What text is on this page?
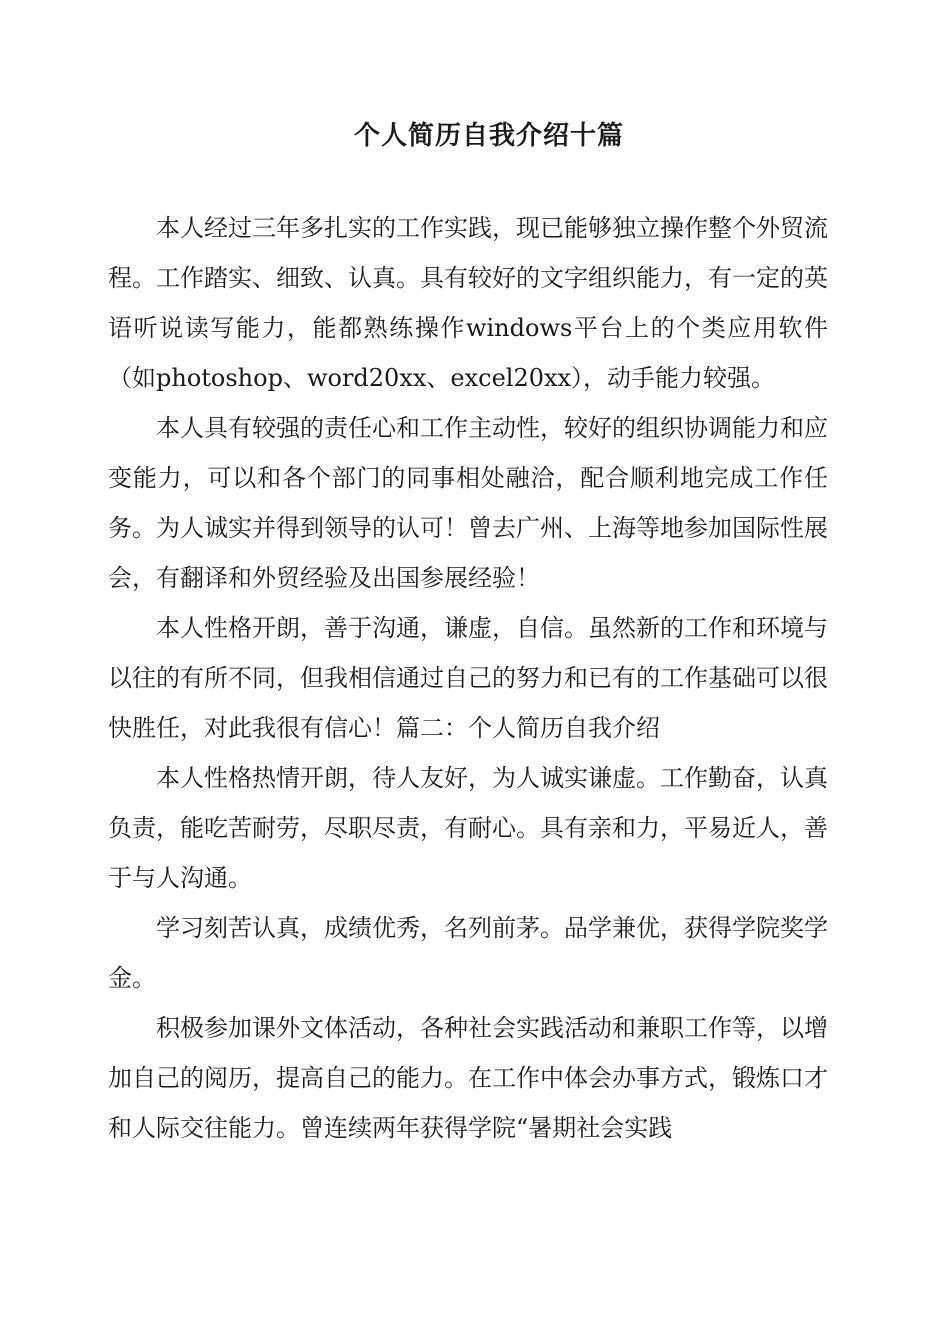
个人简历自我介绍十篇

本人经过三年多扎实的工作实践，现已能够独立操作整个外贸流程。工作踏实、细致、认真。具有较好的文字组织能力，有一定的英语听说读写能力，能都熟练操作windows平台上的个类应用软件（如photoshop、word20xx、excel20xx），动手能力较强。

本人具有较强的责任心和工作主动性，较好的组织协调能力和应变能力，可以和各个部门的同事相处融洽，配合顺利地完成工作任务。为人诚实并得到领导的认可！曾去广州、上海等地参加国际性展会，有翻译和外贸经验及出国参展经验！

本人性格开朗，善于沟通，谦虚，自信。虽然新的工作和环境与以往的有所不同，但我相信通过自己的努力和已有的工作基础可以很快胜任，对此我很有信心！篇二：个人简历自我介绍

本人性格热情开朗，待人友好，为人诚实谦虚。工作勤奋，认真负责，能吃苦耐劳，尽职尽责，有耐心。具有亲和力，平易近人，善于与人沟通。

学习刻苦认真，成绩优秀，名列前茅。品学兼优，获得学院奖学金。

积极参加课外文体活动，各种社会实践活动和兼职工作等，以增加自己的阅历，提高自己的能力。在工作中体会办事方式，锻炼口才和人际交往能力。曾连续两年获得学院“暑期社会实践
